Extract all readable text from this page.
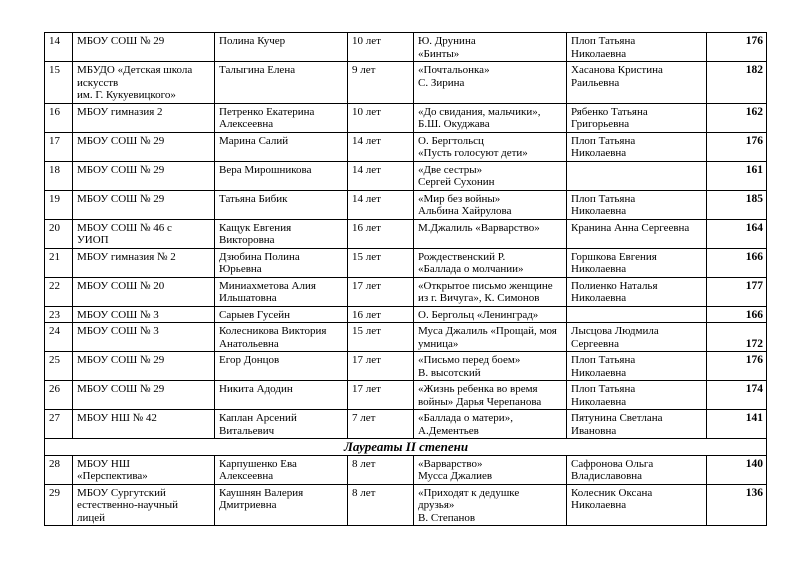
14	МБОУ СОШ № 29	Полина Кучер	10 лет	Ю. Друнина
«Бинты»	Плоп Татьяна
Николаевна	176
15	МБУДО «Детская школа
искусств
им. Г. Кукуевицкого»	Талыгина Елена	9 лет	«Почтальонка»
С. Зирина	Хасанова Кристина
Раильевна	182
16	МБОУ гимназия 2	Петренко Екатерина
Алексеевна	10 лет	«До свидания, мальчики»,
Б.Ш. Окуджава	Рябенко Татьяна
Григорьевна	162
17	МБОУ СОШ № 29	Марина Салий	14 лет	О. Бергтольсц
«Пусть голосуют дети»	Плоп Татьяна
Николаевна	176
18	МБОУ СОШ № 29	Вера Мирошникова	14 лет	«Две сестры»
Сергей Сухонин		161
19	МБОУ СОШ № 29	Татьяна Бибик	14 лет	«Мир без войны»
Альбина Хайрулова	Плоп Татьяна
Николаевна	185
20	МБОУ СОШ № 46 с
УИОП	Кащук Евгения
Викторовна	16 лет	М.Джалиль «Варварство»	Кранина Анна Сергеевна	164
21	МБОУ гимназия № 2	Дзюбина Полина
Юрьевна	15 лет	Рождественский Р.
«Баллада о молчании»	Горшкова Евгения
Николаевна	166
22	МБОУ СОШ № 20	Миниахметова Алия
Ильшатовна	17 лет	«Открытое письмо женщине
из г. Вичуга», К. Симонов	Полиенко Наталья
Николаевна	177
23	МБОУ СОШ № 3	Сарыев Гусейн	16 лет	О. Бергольц «Ленинград»		166
24	МБОУ СОШ № 3	Колесникова Виктория
Анатольевна	15 лет	Муса Джалиль «Прощай, моя
умница»	Лысцова Людмила
Сергеевна	172
25	МБОУ СОШ № 29	Егор Донцов	17 лет	«Письмо перед боем»
В. высотский	Плоп Татьяна
Николаевна	176
26	МБОУ СОШ № 29	Никита Адодин	17 лет	«Жизнь ребенка во время
войны» Дарья Черепанова	Плоп Татьяна
Николаевна	174
27	МБОУ НШ № 42	Каплан Арсений
Витальевич	7 лет	«Баллада о матери»,
А.Дементьев	Пятунина Светлана
Ивановна	141
Лауреаты II степени						
28	МБОУ НШ
«Перспектива»	Карпушенко Ева
Алексеевна	8 лет	«Варварство»
Мусса Джалиев	Сафронова Ольга
Владиславовна	140
29	МБОУ Сургутский
естественно-научный
лицей	Каушнян Валерия
Дмитриевна	8 лет	«Приходят к дедушке
друзья»
В. Степанов	Колесник Оксана
Николаевна	136
